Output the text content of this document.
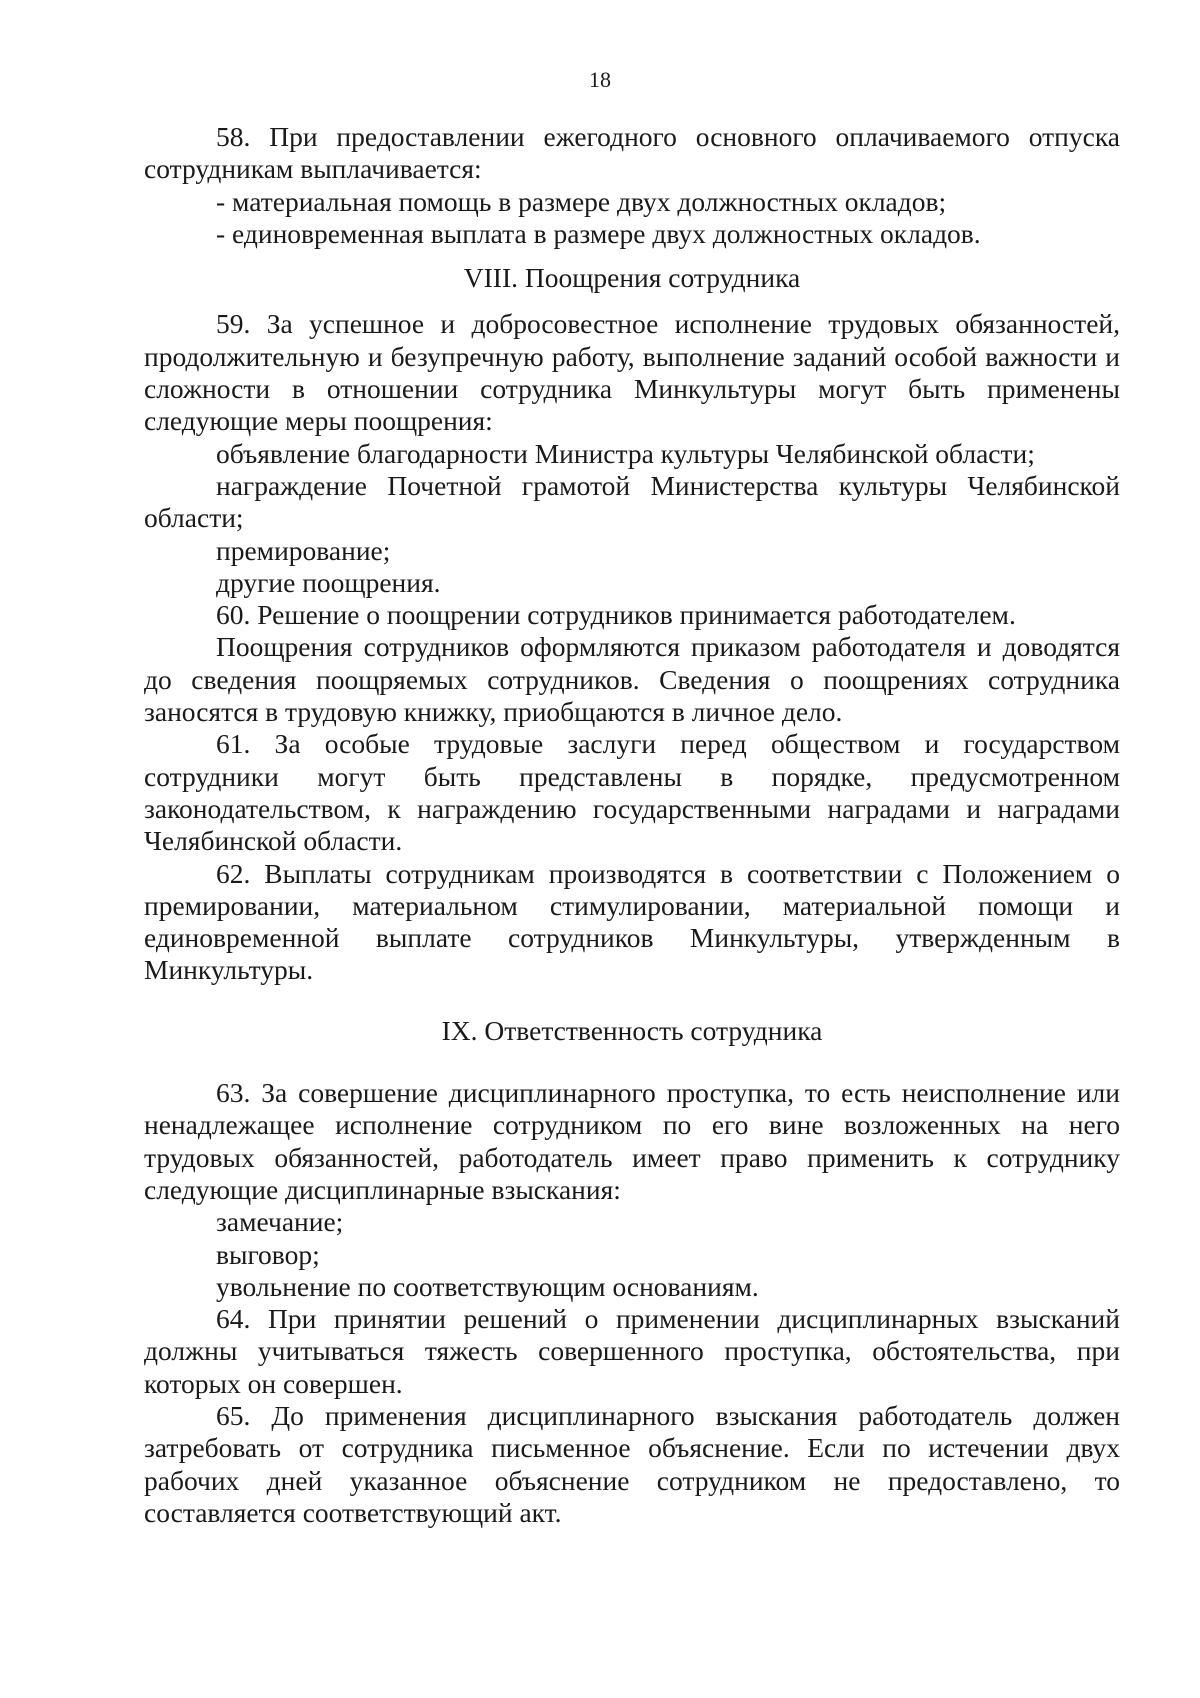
18

58. При предоставлении ежегодного основного оплачиваемого отпуска сотрудникам выплачивается:

- материальная помощь в размере двух должностных окладов;

- единовременная выплата в размере двух должностных окладов.

VIII. Поощрения сотрудника

59. За успешное и добросовестное исполнение трудовых обязанностей, продолжительную и безупречную работу, выполнение заданий особой важности и сложности в отношении сотрудника Минкультуры могут быть применены следующие меры поощрения:

объявление благодарности Министра культуры Челябинской области;

награждение Почетной грамотой Министерства культуры Челябинской области;

премирование;

другие поощрения.

60. Решение о поощрении сотрудников принимается работодателем.

Поощрения сотрудников оформляются приказом работодателя и доводятся до сведения поощряемых сотрудников. Сведения о поощрениях сотрудника заносятся в трудовую книжку, приобщаются в личное дело.

61. За особые трудовые заслуги перед обществом и государством сотрудники могут быть представлены в порядке, предусмотренном законодательством, к награждению государственными наградами и наградами Челябинской области.

62. Выплаты сотрудникам производятся в соответствии с Положением о премировании, материальном стимулировании, материальной помощи и единовременной выплате сотрудников Минкультуры, утвержденным в Минкультуры.

IX. Ответственность сотрудника

63. За совершение дисциплинарного проступка, то есть неисполнение или ненадлежащее исполнение сотрудником по его вине возложенных на него трудовых обязанностей, работодатель имеет право применить к сотруднику следующие дисциплинарные взыскания:

замечание;

выговор;

увольнение по соответствующим основаниям.

64. При принятии решений о применении дисциплинарных взысканий должны учитываться тяжесть совершенного проступка, обстоятельства, при которых он совершен.

65. До применения дисциплинарного взыскания работодатель должен затребовать от сотрудника письменное объяснение. Если по истечении двух рабочих дней указанное объяснение сотрудником не предоставлено, то составляется соответствующий акт.
